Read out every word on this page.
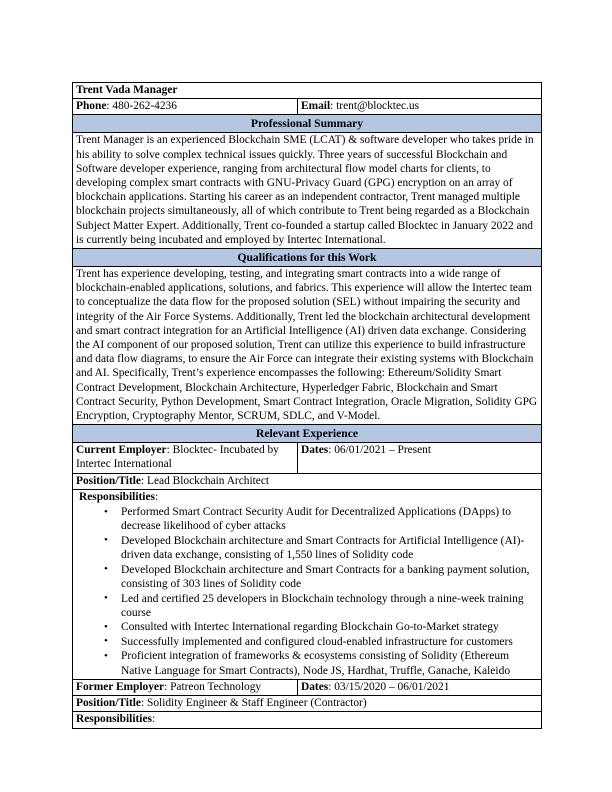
Trent Vada Manager	
Phone: 480-262-4236	Email: trent@blocktec.us
Professional Summary	
Trent Manager is an experienced Blockchain SME (LCAT) & software developer who takes pride in his ability to solve complex technical issues quickly. Three years of successful Blockchain and Software developer experience, ranging from architectural flow model charts for clients, to developing complex smart contracts with GNU-Privacy Guard (GPG) encryption on an array of blockchain applications. Starting his career as an independent contractor, Trent managed multiple blockchain projects simultaneously, all of which contribute to Trent being regarded as a Blockchain Subject Matter Expert. Additionally, Trent co-founded a startup called Blocktec in January 2022 and is currently being incubated and employed by Intertec International.	
Qualifications for this Work	
Trent has experience developing, testing, and integrating smart contracts into a wide range of blockchain-enabled applications, solutions, and fabrics. This experience will allow the Intertec team to conceptualize the data flow for the proposed solution (SEL) without impairing the security and integrity of the Air Force Systems. Additionally, Trent led the blockchain architectural development and smart contract integration for an Artificial Intelligence (AI) driven data exchange. Considering the AI component of our proposed solution, Trent can utilize this experience to build infrastructure and data flow diagrams, to ensure the Air Force can integrate their existing systems with Blockchain and AI. Specifically, Trent’s experience encompasses the following: Ethereum/Solidity Smart Contract Development, Blockchain Architecture, Hyperledger Fabric, Blockchain and Smart Contract Security, Python Development, Smart Contract Integration, Oracle Migration, Solidity GPG Encryption, Cryptography Mentor, SCRUM, SDLC, and V-Model.	
Relevant Experience	
Current Employer: Blocktec- Incubated by Intertec International	Dates: 06/01/2021 – Present
Position/Title: Lead Blockchain Architect	

Responsibilities:
• Performed Smart Contract Security Audit for Decentralized Applications (DApps) to decrease likelihood of cyber attacks
• Developed Blockchain architecture and Smart Contracts for Artificial Intelligence (AI)-driven data exchange, consisting of 1,550 lines of Solidity code
• Developed Blockchain architecture and Smart Contracts for a banking payment solution, consisting of 303 lines of Solidity code
• Led and certified 25 developers in Blockchain technology through a nine-week training course
• Consulted with Intertec International regarding Blockchain Go-to-Market strategy
• Successfully implemented and configured cloud-enabled infrastructure for customers
• Proficient integration of frameworks & ecosystems consisting of Solidity (Ethereum Native Language for Smart Contracts), Node JS, Hardhat, Truffle, Ganache, Kaleido

Former Employer: Patreon Technology	Dates: 03/15/2020 – 06/01/2021
Position/Title: Solidity Engineer & Staff Engineer (Contractor)	
Responsibilities:	
